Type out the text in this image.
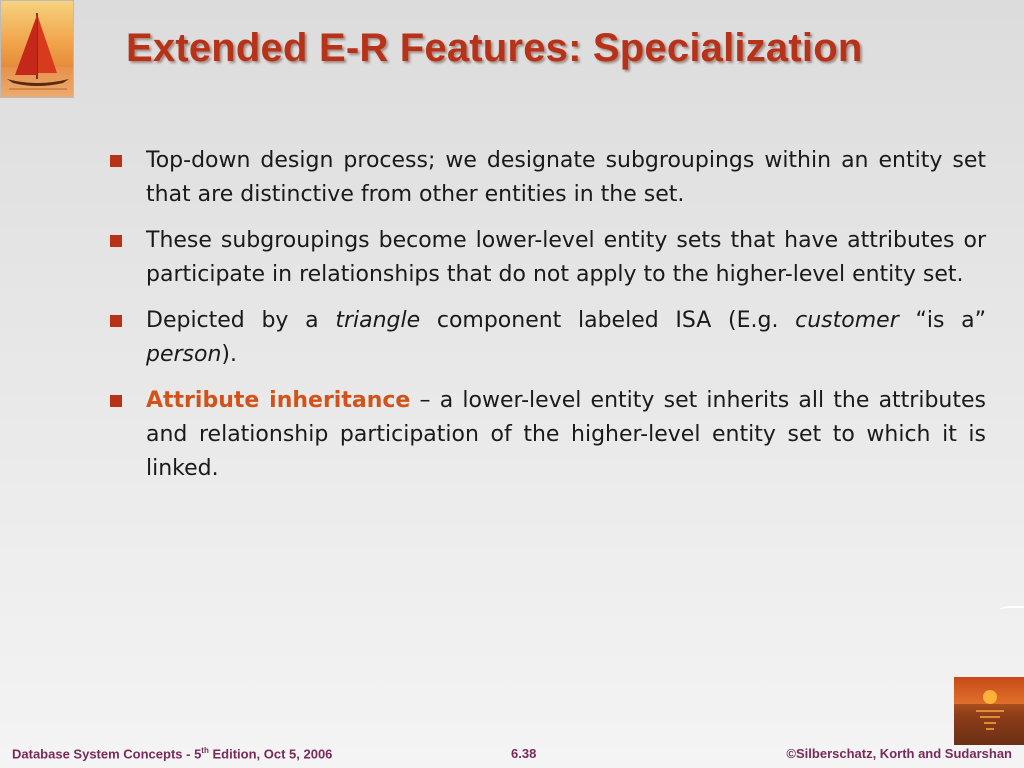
Extended E-R Features: Specialization
Top-down design process; we designate subgroupings within an entity set that are distinctive from other entities in the set.
These subgroupings become lower-level entity sets that have attributes or participate in relationships that do not apply to the higher-level entity set.
Depicted by a triangle component labeled ISA (E.g. customer “is a” person).
Attribute inheritance – a lower-level entity set inherits all the attributes and relationship participation of the higher-level entity set to which it is linked.
Database System Concepts - 5th Edition, Oct 5, 2006	6.38	©Silberschatz, Korth and Sudarshan
